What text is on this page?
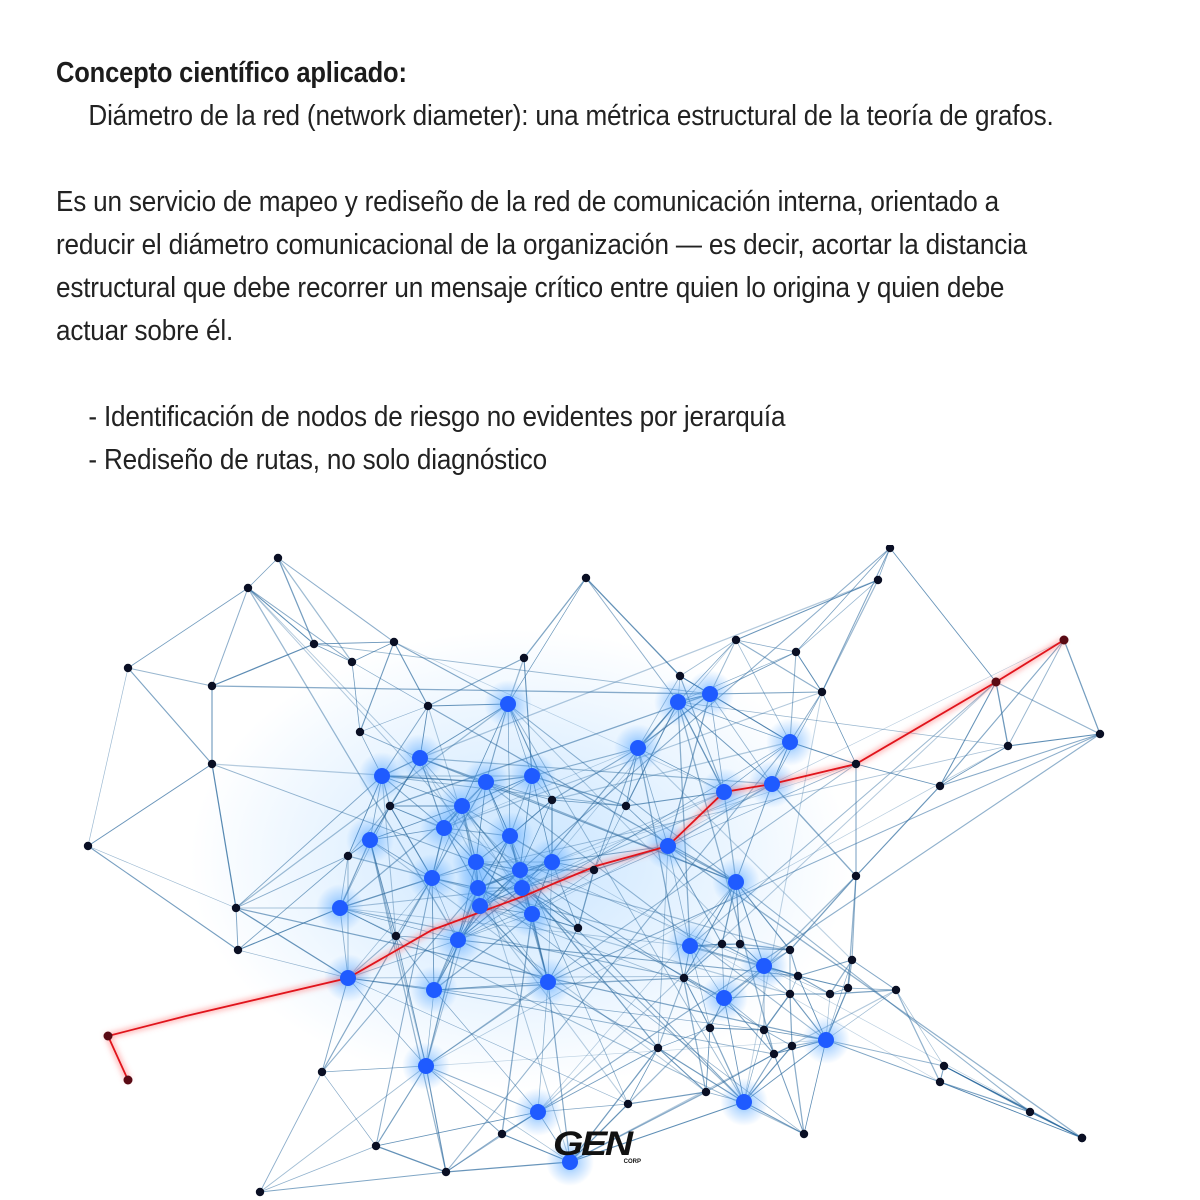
Concepto científico aplicado:

Diámetro de la red (network diameter): una métrica estructural de la teoría de grafos.

Es un servicio de mapeo y rediseño de la red de comunicación interna, orientado a reducir el diámetro comunicacional de la organización — es decir, acortar la distancia estructural que debe recorrer un mensaje crítico entre quien lo origina y quien debe actuar sobre él.

- Identificación de nodos de riesgo no evidentes por jerarquía
- Rediseño de rutas, no solo diagnóstico
GEN
CORP
